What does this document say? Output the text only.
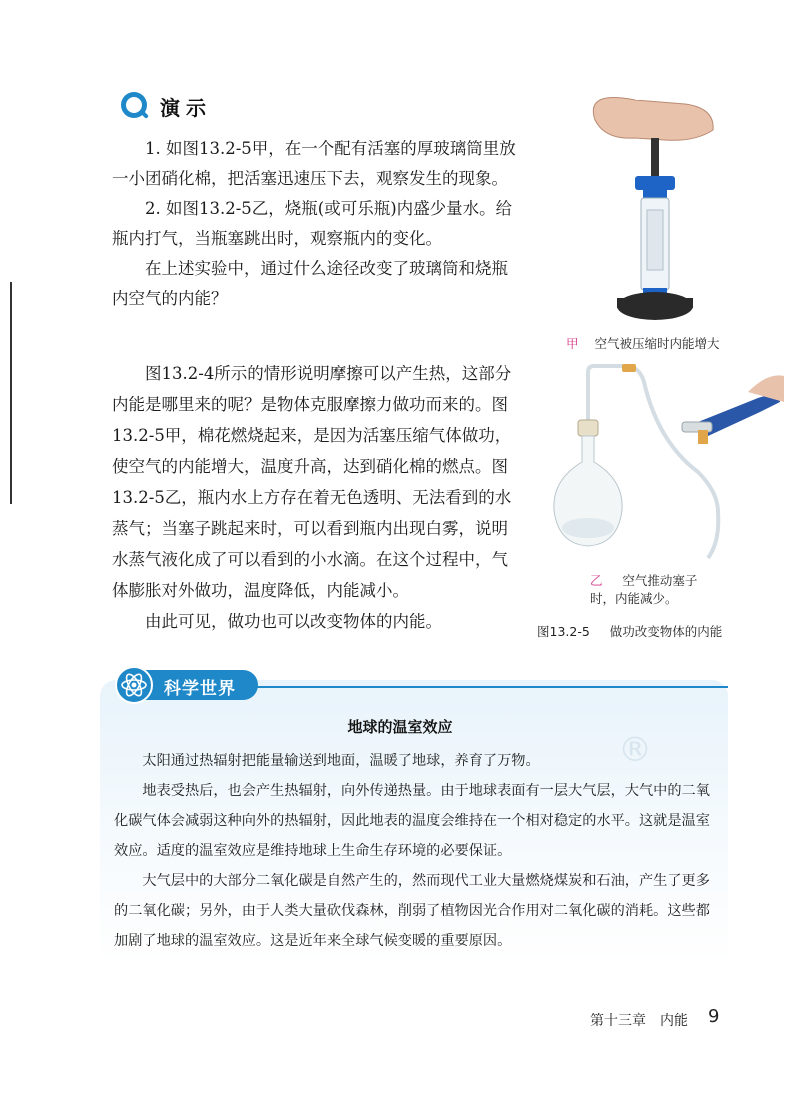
演示

1. 如图13.2-5甲，在一个配有活塞的厚玻璃筒里放一小团硝化棉，把活塞迅速压下去，观察发生的现象。

2. 如图13.2-5乙，烧瓶(或可乐瓶)内盛少量水。给瓶内打气，当瓶塞跳出时，观察瓶内的变化。

在上述实验中，通过什么途径改变了玻璃筒和烧瓶内空气的内能？

图13.2-4所示的情形说明摩擦可以产生热，这部分内能是哪里来的呢？是物体克服摩擦力做功而来的。图13.2-5甲，棉花燃烧起来，是因为活塞压缩气体做功，使空气的内能增大，温度升高，达到硝化棉的燃点。图13.2-5乙，瓶内水上方存在着无色透明、无法看到的水蒸气；当塞子跳起来时，可以看到瓶内出现白雾，说明水蒸气液化成了可以看到的小水滴。在这个过程中，气体膨胀对外做功，温度降低，内能减小。

由此可见，做功也可以改变物体的内能。

甲 空气被压缩时内能增大
乙 空气推动塞子
时，内能减少。
图13.2-5 做功改变物体的内能
科学世界
®
地球的温室效应

太阳通过热辐射把能量输送到地面，温暖了地球，养育了万物。

地表受热后，也会产生热辐射，向外传递热量。由于地球表面有一层大气层，大气中的二氧化碳气体会减弱这种向外的热辐射，因此地表的温度会维持在一个相对稳定的水平。这就是温室效应。适度的温室效应是维持地球上生命生存环境的必要保证。

大气层中的大部分二氧化碳是自然产生的，然而现代工业大量燃烧煤炭和石油，产生了更多的二氧化碳；另外，由于人类大量砍伐森林，削弱了植物因光合作用对二氧化碳的消耗。这些都加剧了地球的温室效应。这是近年来全球气候变暖的重要原因。

第十三章　内能 9
